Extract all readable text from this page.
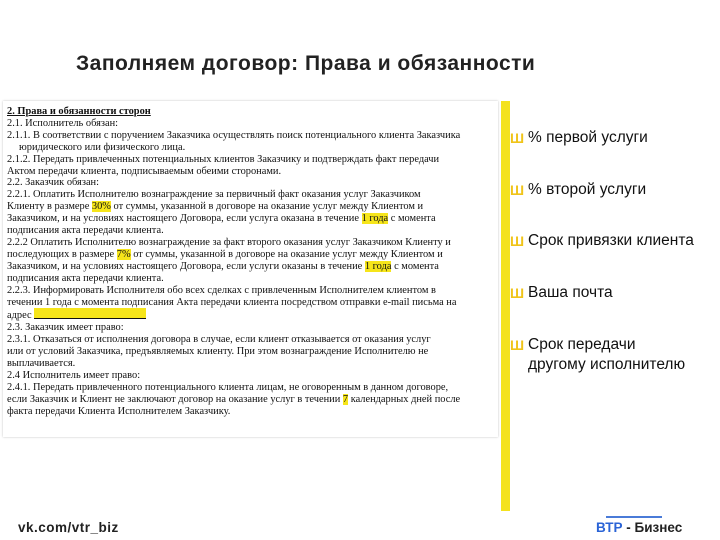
Заполняем договор: Права и обязанности
2. Права и обязанности сторон
2.1. Исполнитель обязан:
2.1.1. В соответствии с поручением Заказчика осуществлять поиск потенциального клиента Заказчика
юридического или физического лица.
2.1.2. Передать привлеченных потенциальных клиентов Заказчику и подтверждать факт передачи
Актом передачи клиента, подписываемым обеими сторонами.
2.2. Заказчик обязан:
2.2.1. Оплатить Исполнителю вознаграждение за первичный факт оказания услуг Заказчиком
Клиенту в размере 30% от суммы, указанной в договоре на оказание услуг между Клиентом и
Заказчиком, и на условиях настоящего Договора, если услуга оказана в течение 1 года с момента
подписания акта передачи клиента.
2.2.2 Оплатить Исполнителю вознаграждение за факт второго оказания услуг Заказчиком Клиенту и
последующих в размере 7% от суммы, указанной в договоре на оказание услуг между Клиентом и
Заказчиком, и на условиях настоящего Договора, если услуги оказаны в течение 1 года с момента
подписания акта передачи клиента.
2.2.3. Информировать Исполнителя обо всех сделках с привлеченным Исполнителем клиентом в
течении 1 года с момента подписания Акта передачи клиента посредством отправки e-mail письма на
адрес
2.3. Заказчик имеет право:
2.3.1. Отказаться от исполнения договора в случае, если клиент отказывается от оказания услуг
или от условий Заказчика, предъявляемых клиенту. При этом вознаграждение Исполнителю не
выплачивается.
2.4 Исполнитель имеет право:
2.4.1. Передать привлеченного потенциального клиента лицам, не оговоренным в данном договоре,
если Заказчик и Клиент не заключают договор на оказание услуг в течении 7 календарных дней после
факта передачи Клиента Исполнителем Заказчику.
Ш % первой услуги
Ш % второй услуги
Ш Срок привязки клиента
Ш Ваша почта
Ш Срок передачи
другому исполнителю
vk.com/vtr_biz	ВТР - Бизнес
